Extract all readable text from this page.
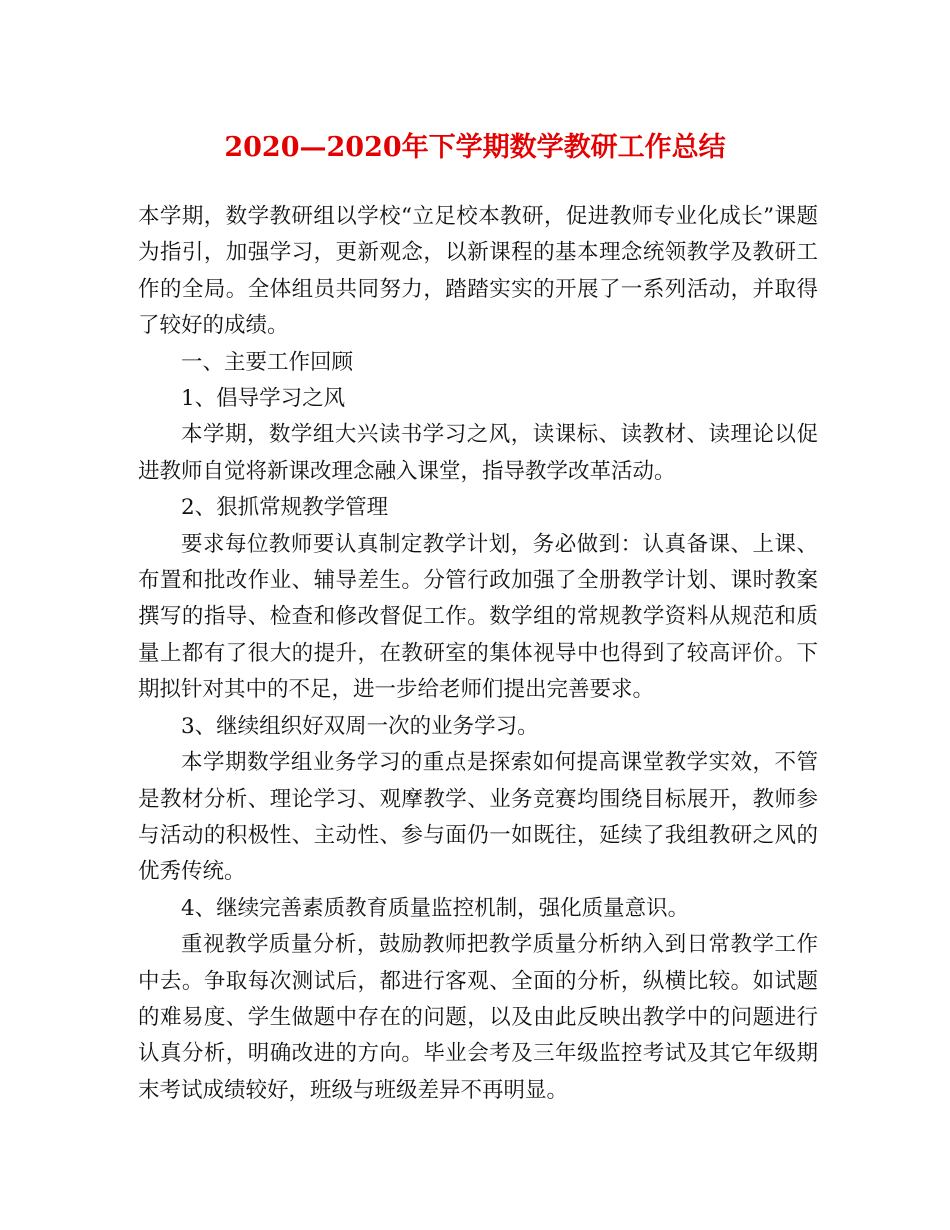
2020—2020年下学期数学教研工作总结

本学期，数学教研组以学校“立足校本教研，促进教师专业化成长”课题为指引，加强学习，更新观念，以新课程的基本理念统领教学及教研工作的全局。全体组员共同努力，踏踏实实的开展了一系列活动，并取得了较好的成绩。

一、主要工作回顾

1、倡导学习之风

本学期，数学组大兴读书学习之风，读课标、读教材、读理论以促进教师自觉将新课改理念融入课堂，指导教学改革活动。

2、狠抓常规教学管理

要求每位教师要认真制定教学计划，务必做到：认真备课、上课、布置和批改作业、辅导差生。分管行政加强了全册教学计划、课时教案撰写的指导、检查和修改督促工作。数学组的常规教学资料从规范和质量上都有了很大的提升，在教研室的集体视导中也得到了较高评价。下期拟针对其中的不足，进一步给老师们提出完善要求。

3、继续组织好双周一次的业务学习。

本学期数学组业务学习的重点是探索如何提高课堂教学实效，不管是教材分析、理论学习、观摩教学、业务竞赛均围绕目标展开，教师参与活动的积极性、主动性、参与面仍一如既往，延续了我组教研之风的优秀传统。

4、继续完善素质教育质量监控机制，强化质量意识。

重视教学质量分析，鼓励教师把教学质量分析纳入到日常教学工作中去。争取每次测试后，都进行客观、全面的分析，纵横比较。如试题的难易度、学生做题中存在的问题，以及由此反映出教学中的问题进行认真分析，明确改进的方向。毕业会考及三年级监控考试及其它年级期末考试成绩较好，班级与班级差异不再明显。
